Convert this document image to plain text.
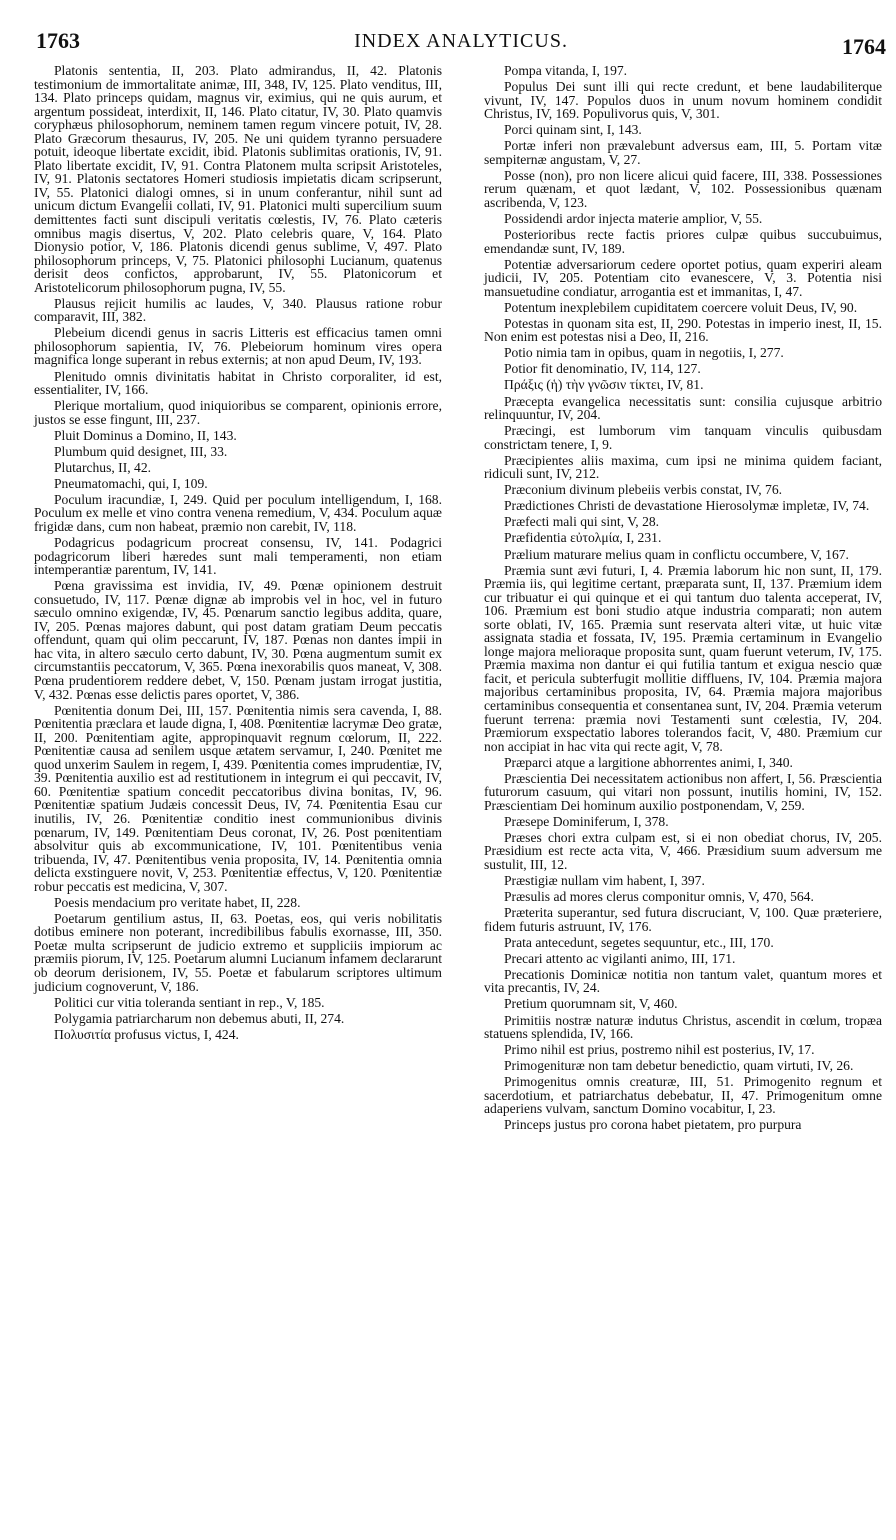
1763	INDEX ANALYTICUS.	1764

Platonis sententia, II, 203. Plato admirandus, II, 42. Platonis testimonium de immortalitate animæ, III, 348, IV, 125. Plato venditus, III, 134. Plato princeps quidam, magnus vir, eximius, qui ne quis aurum, et argentum possideat, interdixit, II, 146. Plato citatur, IV, 30. Plato quamvis coryphæus philosophorum, neminem tamen regum vincere potuit, IV, 28. Plato Græcorum thesaurus, IV, 205. Ne uni quidem tyranno persuadere potuit, ideoque libertate excidit, ibid. Platonis sublimitas orationis, IV, 91. Plato libertate excidit, IV, 91. Contra Platonem multa scripsit Aristoteles, IV, 91. Platonis sectatores Homeri studiosis impietatis dicam scripserunt, IV, 55. Platonici dialogi omnes, si in unum conferantur, nihil sunt ad unicum dictum Evangelii collati, IV, 91. Platonici multi supercilium suum demittentes facti sunt discipuli veritatis cœlestis, IV, 76. Plato cæteris omnibus magis disertus, V, 202. Plato celebris quare, V, 164. Plato Dionysio potior, V, 186. Platonis dicendi genus sublime, V, 497. Plato philosophorum princeps, V, 75. Platonici philosophi Lucianum, quatenus derisit deos confictos, approbarunt, IV, 55. Platonicorum et Aristotelicorum philosophorum pugna, IV, 55.

Plausus rejicit humilis ac laudes, V, 340. Plausus ratione robur comparavit, III, 382.

Plebeium dicendi genus in sacris Litteris est efficacius tamen omni philosophorum sapientia, IV, 76. Plebeiorum hominum vires opera magnifica longe superant in rebus externis; at non apud Deum, IV, 193.

Plenitudo omnis divinitatis habitat in Christo corporaliter, id est, essentialiter, IV, 166.

Plerique mortalium, quod iniquioribus se comparent, opinionis errore, justos se esse fingunt, III, 237.

Pluit Dominus a Domino, II, 143.

Plumbum quid designet, III, 33.

Plutarchus, II, 42.

Pneumatomachi, qui, I, 109.

Poculum iracundiæ, I, 249. Quid per poculum intelligendum, I, 168. Poculum ex melle et vino contra venena remedium, V, 434. Poculum aquæ frigidæ dans, cum non habeat, præmio non carebit, IV, 118.

Podagricus podagricum procreat consensu, IV, 141. Podagrici podagricorum liberi hæredes sunt mali temperamenti, non etiam intemperantiæ parentum, IV, 141.

Pœna gravissima est invidia, IV, 49. Pœnæ opinionem destruit consuetudo, IV, 117. Pœnæ dignæ ab improbis vel in hoc, vel in futuro sæculo omnino exigendæ, IV, 45. Pœnarum sanctio legibus addita, quare, IV, 205. Pœnas majores dabunt, qui post datam gratiam Deum peccatis offendunt, quam qui olim peccarunt, IV, 187. Pœnas non dantes impii in hac vita, in altero sæculo certo dabunt, IV, 30. Pœna augmentum sumit ex circumstantiis peccatorum, V, 365. Pœna inexorabilis quos maneat, V, 308. Pœna prudentiorem reddere debet, V, 150. Pœnam justam irrogat justitia, V, 432. Pœnas esse delictis pares oportet, V, 386.

Pœnitentia donum Dei, III, 157. Pœnitentia nimis sera cavenda, I, 88. Pœnitentia præclara et laude digna, I, 408. Pœnitentiæ lacrymæ Deo gratæ, II, 200. Pœnitentiam agite, appropinquavit regnum cœlorum, II, 222. Pœnitentiæ causa ad senilem usque ætatem servamur, I, 240. Pœnitet me quod unxerim Saulem in regem, I, 439. Pœnitentia comes imprudentiæ, IV, 39. Pœnitentia auxilio est ad restitutionem in integrum ei qui peccavit, IV, 60. Pœnitentiæ spatium concedit peccatoribus divina bonitas, IV, 96. Pœnitentiæ spatium Judæis concessit Deus, IV, 74. Pœnitentia Esau cur inutilis, IV, 26. Pœnitentiæ conditio inest communionibus divinis pœnarum, IV, 149. Pœnitentiam Deus coronat, IV, 26. Post pœnitentiam absolvitur quis ab excommunicatione, IV, 101. Pœnitentibus venia tribuenda, IV, 47. Pœnitentibus venia proposita, IV, 14. Pœnitentia omnia delicta exstinguere novit, V, 253. Pœnitentiæ effectus, V, 120. Pœnitentiæ robur peccatis est medicina, V, 307.

Poesis mendacium pro veritate habet, II, 228.

Poetarum gentilium astus, II, 63. Poetas, eos, qui veris nobilitatis dotibus eminere non poterant, incredibilibus fabulis exornasse, III, 350. Poetæ multa scripserunt de judicio extremo et suppliciis impiorum ac præmiis piorum, IV, 125. Poetarum alumni Lucianum infamem declararunt ob deorum derisionem, IV, 55. Poetæ et fabularum scriptores ultimum judicium cognoverunt, V, 186.

Politici cur vitia toleranda sentiant in rep., V, 185.

Polygamia patriarcharum non debemus abuti, II, 274.

Πολυσιτία profusus victus, I, 424.

Pompa vitanda, I, 197.

Populus Dei sunt illi qui recte credunt, et bene laudabiliterque vivunt, IV, 147. Populos duos in unum novum hominem condidit Christus, IV, 169. Populivorus quis, V, 301.

Porci quinam sint, I, 143.

Portæ inferi non prævalebunt adversus eam, III, 5. Portam vitæ sempiternæ angustam, V, 27.

Posse (non), pro non licere alicui quid facere, III, 338. Possessiones rerum quænam, et quot lædant, V, 102. Possessionibus quænam ascribenda, V, 123.

Possidendi ardor injecta materie amplior, V, 55.

Posterioribus recte factis priores culpæ quibus succubuimus, emendandæ sunt, IV, 189.

Potentiæ adversariorum cedere oportet potius, quam experiri aleam judicii, IV, 205. Potentiam cito evanescere, V, 3. Potentia nisi mansuetudine condiatur, arrogantia est et immanitas, I, 47.

Potentum inexplebilem cupiditatem coercere voluit Deus, IV, 90.

Potestas in quonam sita est, II, 290. Potestas in imperio inest, II, 15. Non enim est potestas nisi a Deo, II, 216.

Potio nimia tam in opibus, quam in negotiis, I, 277.

Potior fit denominatio, IV, 114, 127.

Πράξις (ἡ) τὴν γνῶσιν τίκτει, IV, 81.

Præcepta evangelica necessitatis sunt: consilia cujusque arbitrio relinquuntur, IV, 204.

Præcingi, est lumborum vim tanquam vinculis quibusdam constrictam tenere, I, 9.

Præcipientes aliis maxima, cum ipsi ne minima quidem faciant, ridiculi sunt, IV, 212.

Præconium divinum plebeiis verbis constat, IV, 76.

Prædictiones Christi de devastatione Hierosolymæ impletæ, IV, 74.

Præfecti mali qui sint, V, 28.

Præfidentia εὐτολμία, I, 231.

Prælium maturare melius quam in conflictu occumbere, V, 167.

Præmia sunt ævi futuri, I, 4. Præmia laborum hic non sunt, II, 179. Præmia iis, qui legitime certant, præparata sunt, II, 137. Præmium idem cur tribuatur ei qui quinque et ei qui tantum duo talenta acceperat, IV, 106. Præmium est boni studio atque industria comparati; non autem sorte oblati, IV, 165. Præmia sunt reservata alteri vitæ, ut huic vitæ assignata stadia et fossata, IV, 195. Præmia certaminum in Evangelio longe majora melioraque proposita sunt, quam fuerunt veterum, IV, 175. Præmia maxima non dantur ei qui futilia tantum et exigua nescio quæ facit, et pericula subterfugit mollitie diffluens, IV, 104. Præmia majora majoribus certaminibus proposita, IV, 64. Præmia majora majoribus certaminibus consequentia et consentanea sunt, IV, 204. Præmia veterum fuerunt terrena: præmia novi Testamenti sunt cœlestia, IV, 204. Præmiorum exspectatio labores tolerandos facit, V, 480. Præmium cur non accipiat in hac vita qui recte agit, V, 78.

Præparci atque a largitione abhorrentes animi, I, 340.

Præscientia Dei necessitatem actionibus non affert, I, 56. Præscientia futurorum casuum, qui vitari non possunt, inutilis homini, IV, 152. Præscientiam Dei hominum auxilio postponendam, V, 259.

Præsepe Dominiferum, I, 378.

Præses chori extra culpam est, si ei non obediat chorus, IV, 205. Præsidium est recte acta vita, V, 466. Præsidium suum adversum me sustulit, III, 12.

Præstigiæ nullam vim habent, I, 397.

Præsulis ad mores clerus componitur omnis, V, 470, 564.

Præterita superantur, sed futura discruciant, V, 100. Quæ præteriere, fidem futuris astruunt, IV, 176.

Prata antecedunt, segetes sequuntur, etc., III, 170.

Precari attento ac vigilanti animo, III, 171.

Precationis Dominicæ notitia non tantum valet, quantum mores et vita precantis, IV, 24.

Pretium quorumnam sit, V, 460.

Primitiis nostræ naturæ indutus Christus, ascendit in cœlum, tropæa statuens splendida, IV, 166.

Primo nihil est prius, postremo nihil est posterius, IV, 17.

Primogenituræ non tam debetur benedictio, quam virtuti, IV, 26.

Primogenitus omnis creaturæ, III, 51. Primogenito regnum et sacerdotium, et patriarchatus debebatur, II, 47. Primogenitum omne adaperiens vulvam, sanctum Domino vocabitur, I, 23.

Princeps justus pro corona habet pietatem, pro purpura
